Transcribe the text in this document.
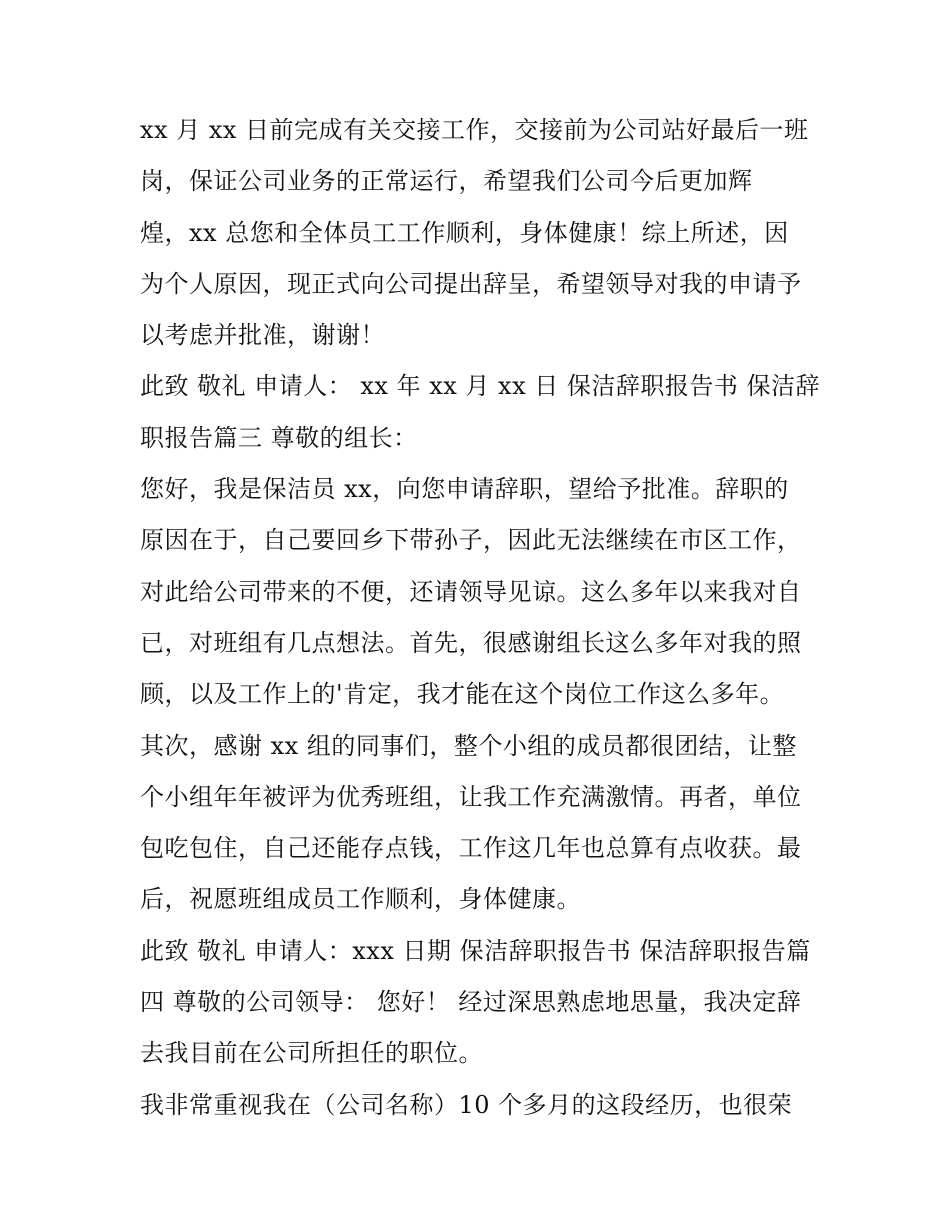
xx 月 xx 日前完成有关交接工作，交接前为公司站好最后一班
岗，保证公司业务的正常运行，希望我们公司今后更加辉
煌，xx 总您和全体员工工作顺利，身体健康！综上所述，因
为个人原因，现正式向公司提出辞呈，希望领导对我的申请予
以考虑并批准，谢谢！
此致 敬礼 申请人： xx 年 xx 月 xx 日 保洁辞职报告书 保洁辞
职报告篇三 尊敬的组长：
您好，我是保洁员 xx，向您申请辞职，望给予批准。辞职的
原因在于，自己要回乡下带孙子，因此无法继续在市区工作，
对此给公司带来的不便，还请领导见谅。这么多年以来我对自
已，对班组有几点想法。首先，很感谢组长这么多年对我的照
顾，以及工作上的'肯定，我才能在这个岗位工作这么多年。
其次，感谢 xx 组的同事们，整个小组的成员都很团结，让整
个小组年年被评为优秀班组，让我工作充满激情。再者，单位
包吃包住，自己还能存点钱，工作这几年也总算有点收获。最
后，祝愿班组成员工作顺利，身体健康。
此致 敬礼 申请人：xxx 日期 保洁辞职报告书 保洁辞职报告篇
四 尊敬的公司领导： 您好！ 经过深思熟虑地思量，我决定辞
去我目前在公司所担任的职位。
我非常重视我在（公司名称）10 个多月的这段经历，也很荣
